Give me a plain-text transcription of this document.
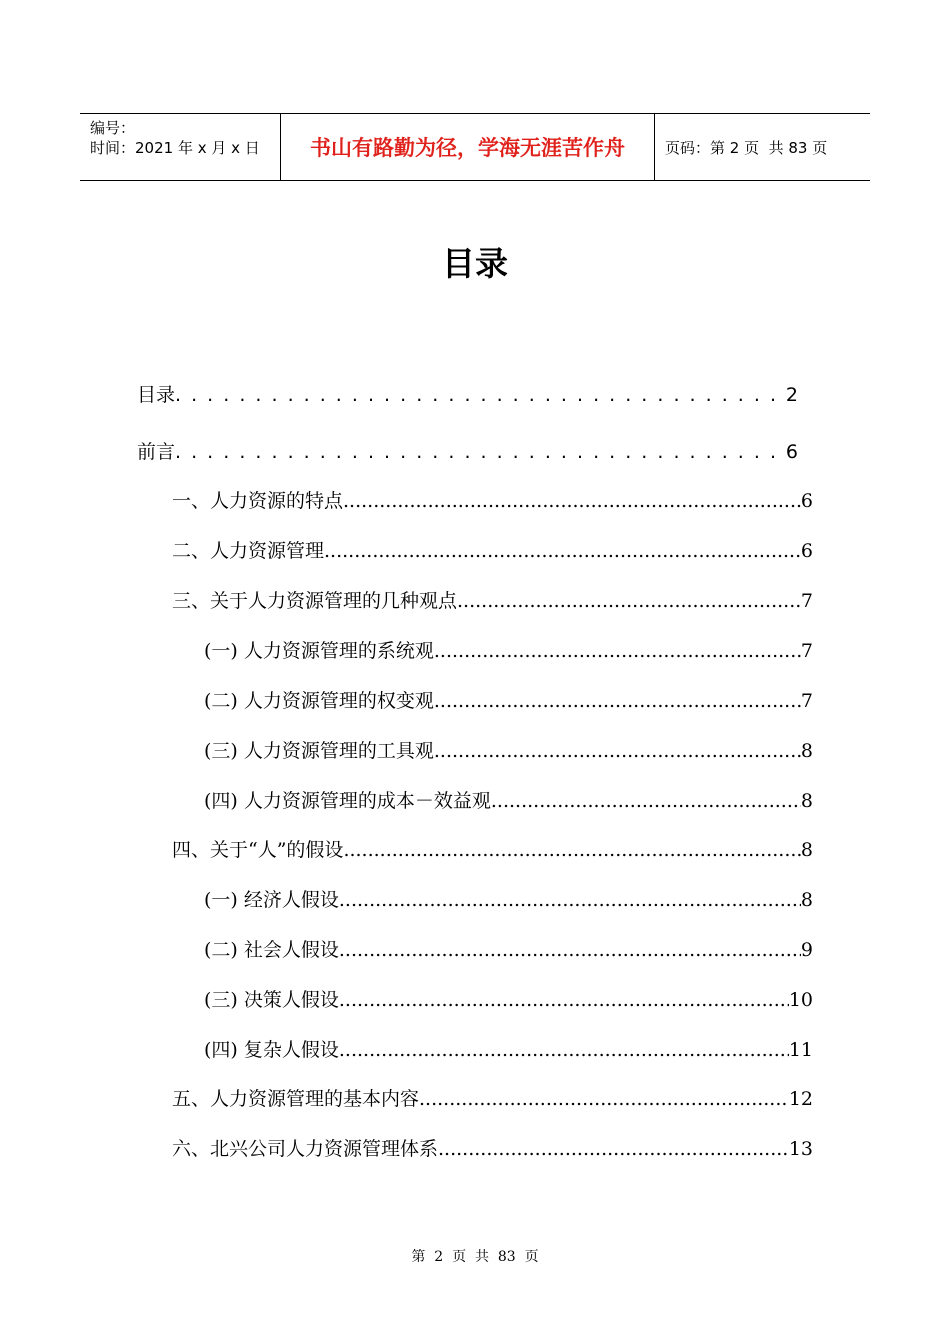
编号：
时间：2021 年 x 月 x 日	书山有路勤为径，学海无涯苦作舟	页码：第 2 页  共 83 页
目录
目录 . . .	2
前言 . . .	6
一、人力资源的特点 .....	6
二、人力资源管理 .....	6
三、关于人力资源管理的几种观点 .....	7
(一) 人力资源管理的系统观 .....	7
(二) 人力资源管理的权变观 .....	7
(三) 人力资源管理的工具观 .....	8
(四) 人力资源管理的成本－效益观 .....	8
四、关于“人”的假设 .....	8
(一) 经济人假设 .....	8
(二) 社会人假设 .....	9
(三) 决策人假设 .....	10
(四) 复杂人假设 .....	11
五、人力资源管理的基本内容 .....	12
六、北兴公司人力资源管理体系 .....	13
第  2  页  共  83  页
